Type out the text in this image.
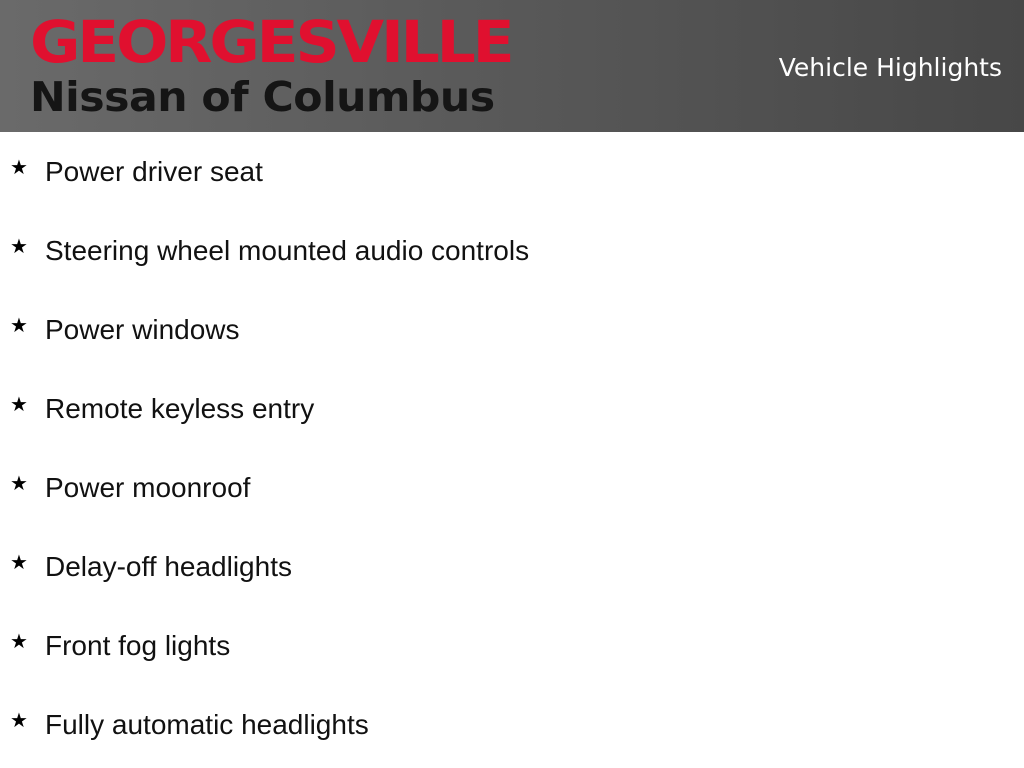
GEORGESVILLE
Nissan of Columbus
Vehicle Highlights
★ Power driver seat
★ Steering wheel mounted audio controls
★ Power windows
★ Remote keyless entry
★ Power moonroof
★ Delay-off headlights
★ Front fog lights
★ Fully automatic headlights
